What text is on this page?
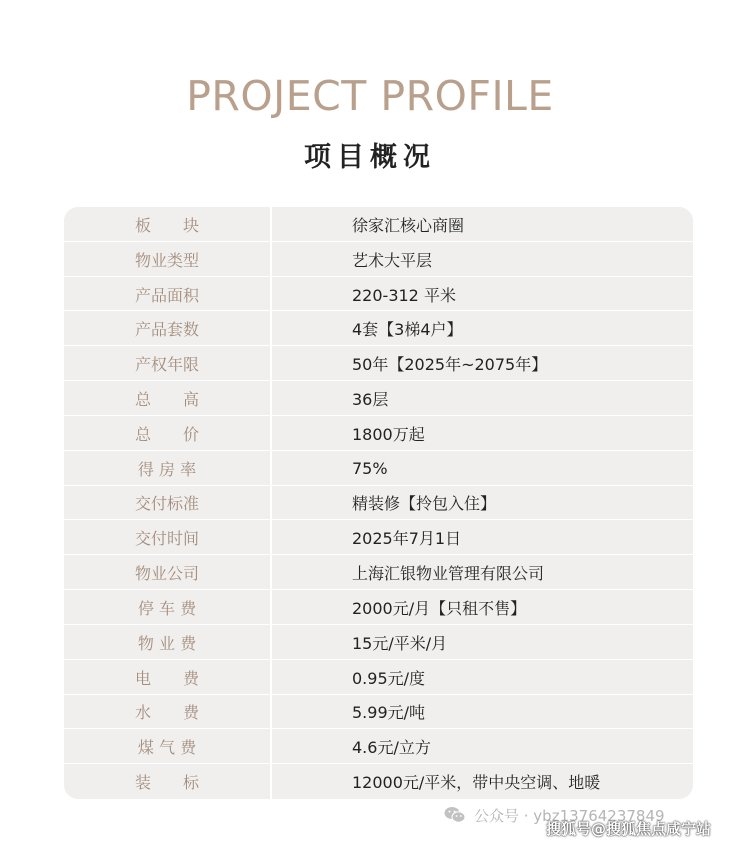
PROJECT PROFILE
项目概况
板　　块	徐家汇核心商圈
物业类型	艺术大平层
产品面积	220-312 平米
产品套数	4套【3梯4户】
产权年限	50年【2025年~2075年】
总　　高	36层
总　　价	1800万起
得 房 率	75%
交付标准	精装修【拎包入住】
交付时间	2025年7月1日
物业公司	上海汇银物业管理有限公司
停 车 费	2000元/月【只租不售】
物 业 费	15元/平米/月
电　　费	0.95元/度
水　　费	5.99元/吨
煤 气 费	4.6元/立方
装　　标	12000元/平米，带中央空调、地暖
公众号 · ybz13764237849
搜狐号@搜狐焦点咸宁站
